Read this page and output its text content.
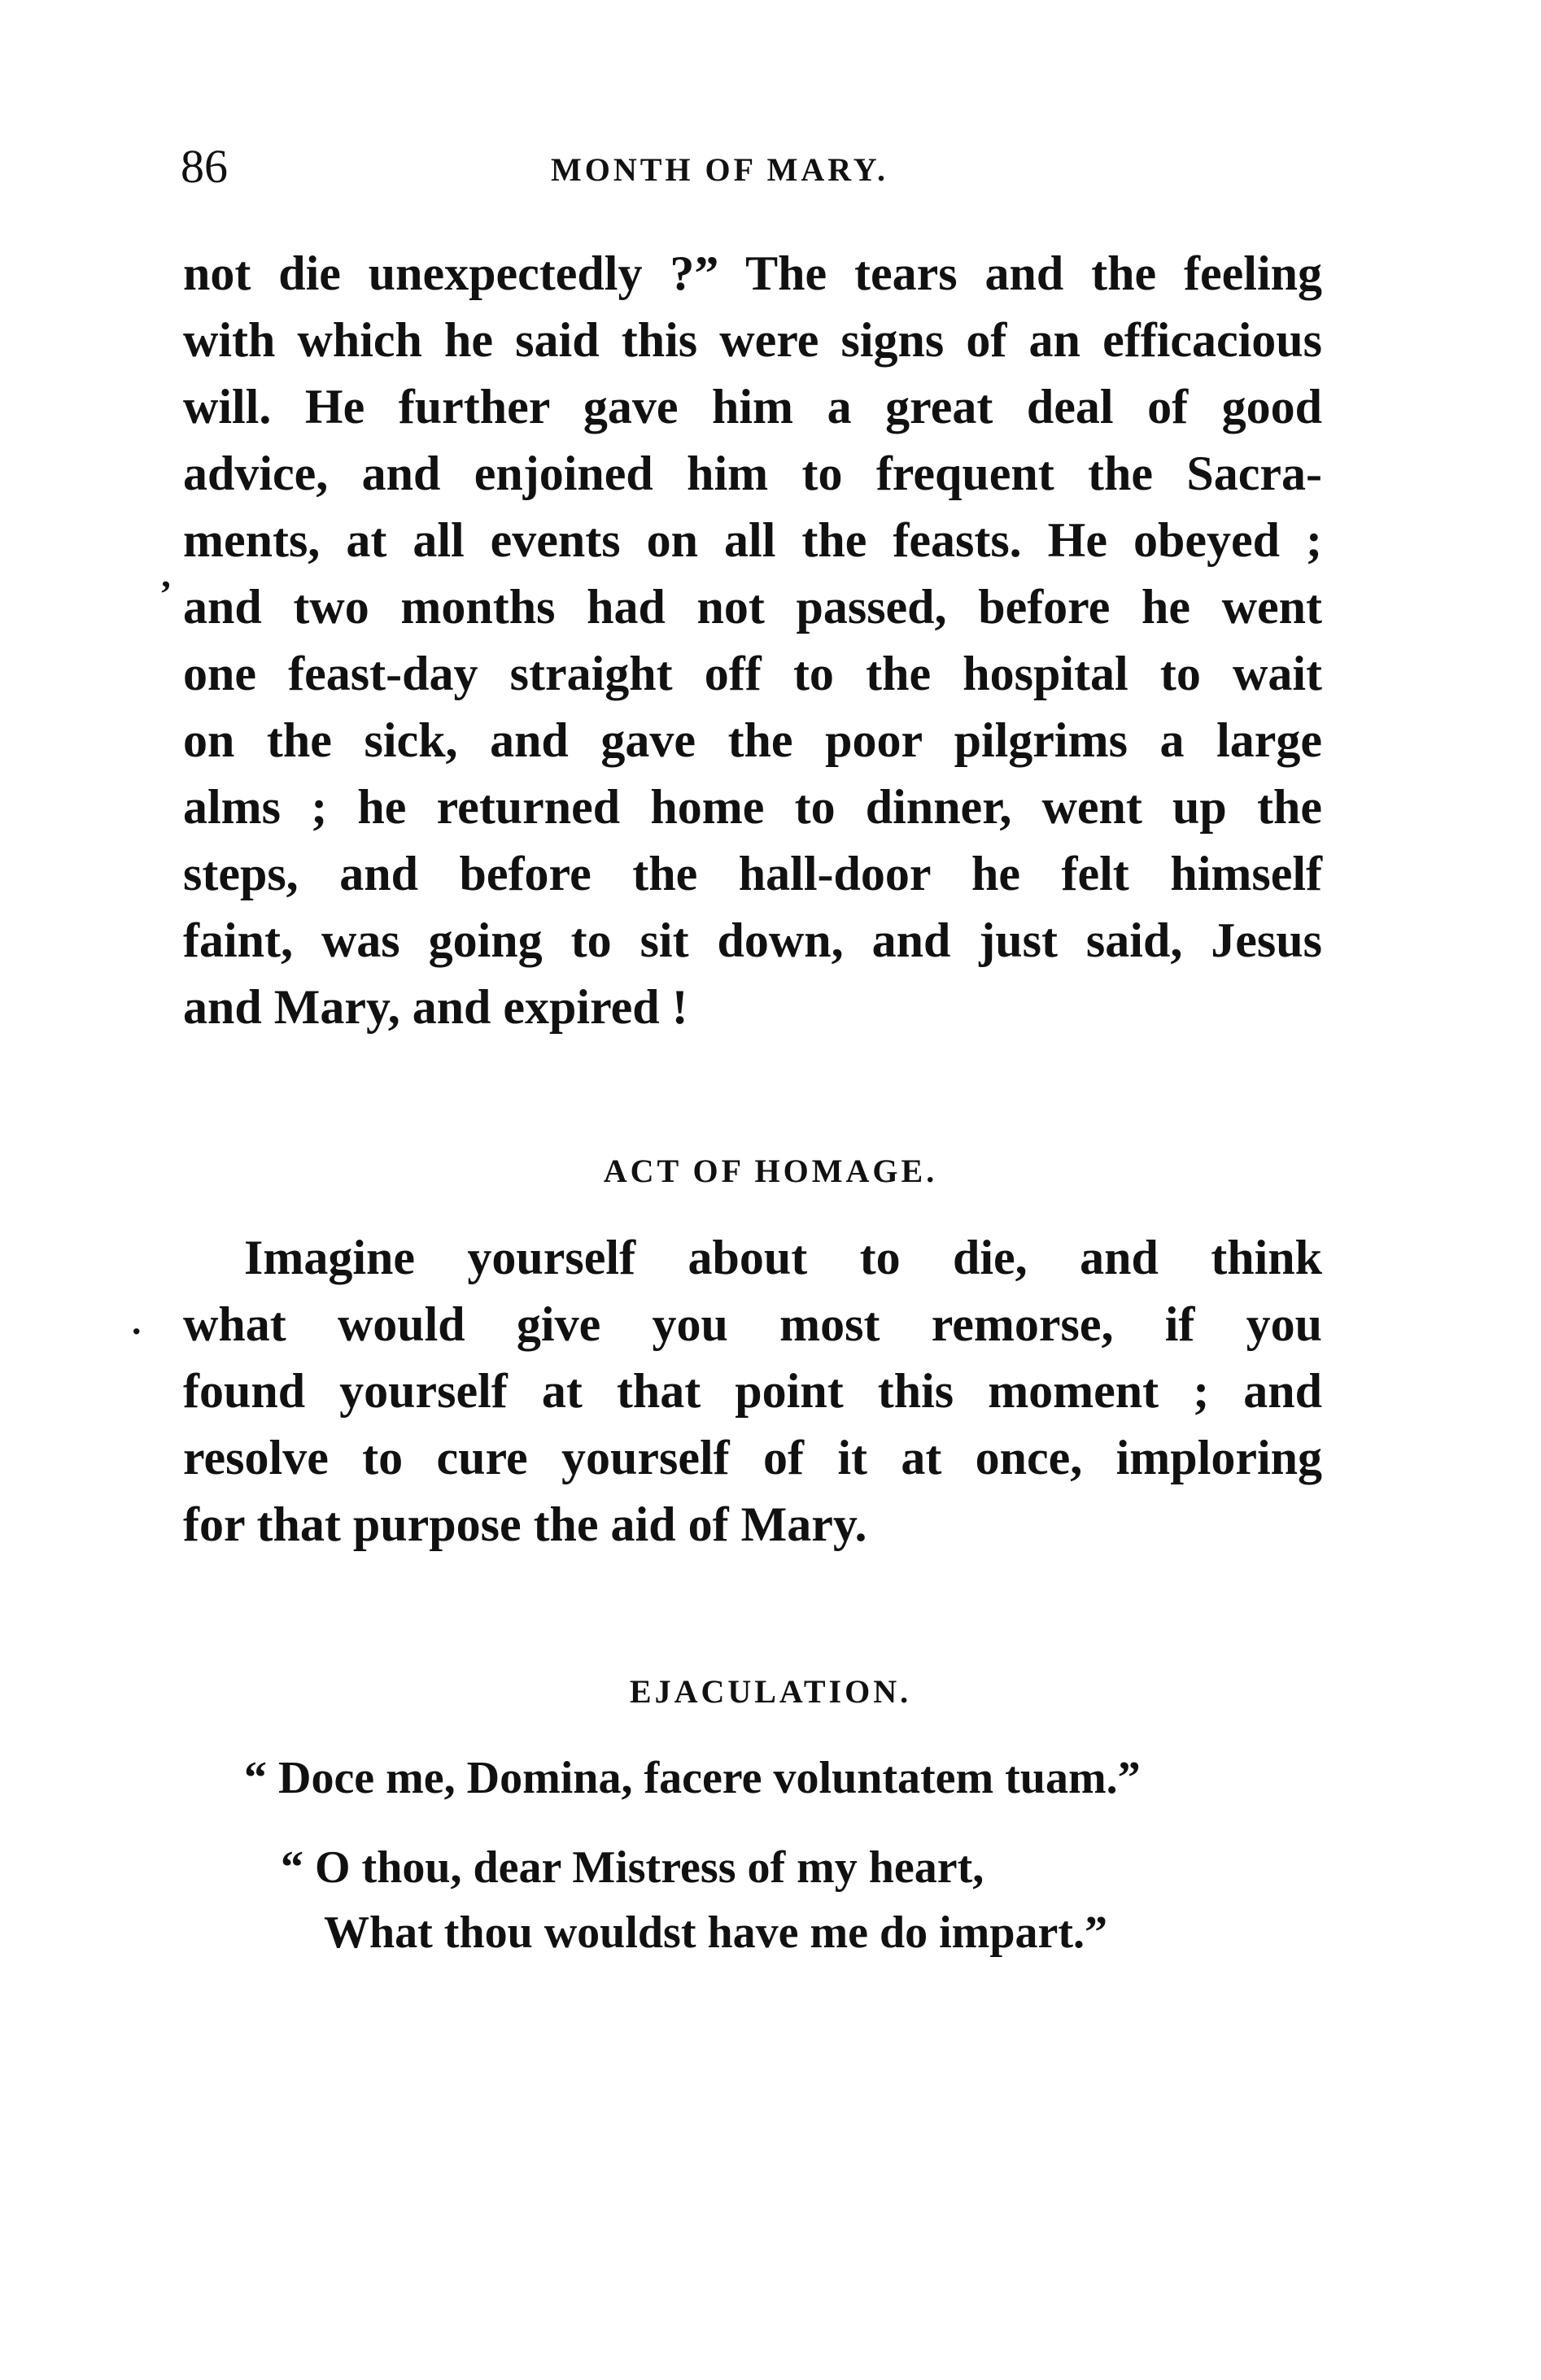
86	MONTH OF MARY.
not die unexpectedly ?” The tears and the feeling
with which he said this were signs of an efficacious
will. He further gave him a great deal of good
advice, and enjoined him to frequent the Sacra-
ments, at all events on all the feasts. He obeyed ;
and two months had not passed, before he went
one feast-day straight off to the hospital to wait
on the sick, and gave the poor pilgrims a large
alms ; he returned home to dinner, went up the
steps, and before the hall-door he felt himself
faint, was going to sit down, and just said, Jesus
and Mary, and expired !
’
ACT OF HOMAGE.
Imagine yourself about to die, and think
what would give you most remorse, if you
found yourself at that point this moment ; and
resolve to cure yourself of it at once, imploring
for that purpose the aid of Mary.
.
EJACULATION.
“ Doce me, Domina, facere voluntatem tuam.”
“ O thou, dear Mistress of my heart,
What thou wouldst have me do impart.”
